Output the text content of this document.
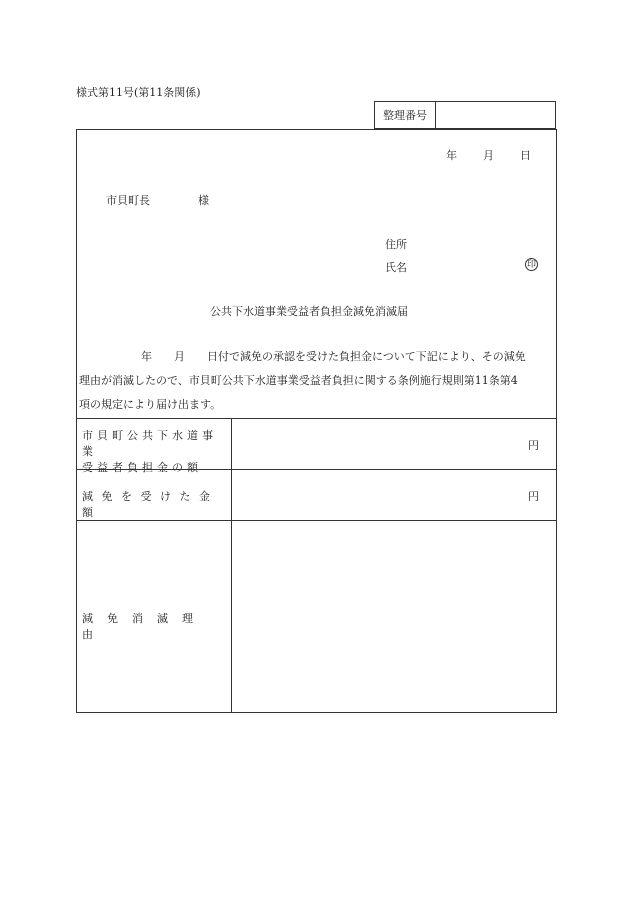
様式第11号(第11条関係)
整理番号
年 月 日
市貝町長	様
住所
氏名	印
公共下水道事業受益者負担金減免消滅届
年 月 日付で減免の承認を受けた負担金について下記により、その減免
理由が消滅したので、市貝町公共下水道事業受益者負担に関する条例施行規則第11条第4
項の規定により届け出ます。
市貝町公共下水道事業
受益者負担金の額
円
減免を受けた金額
円
減免消滅理由
